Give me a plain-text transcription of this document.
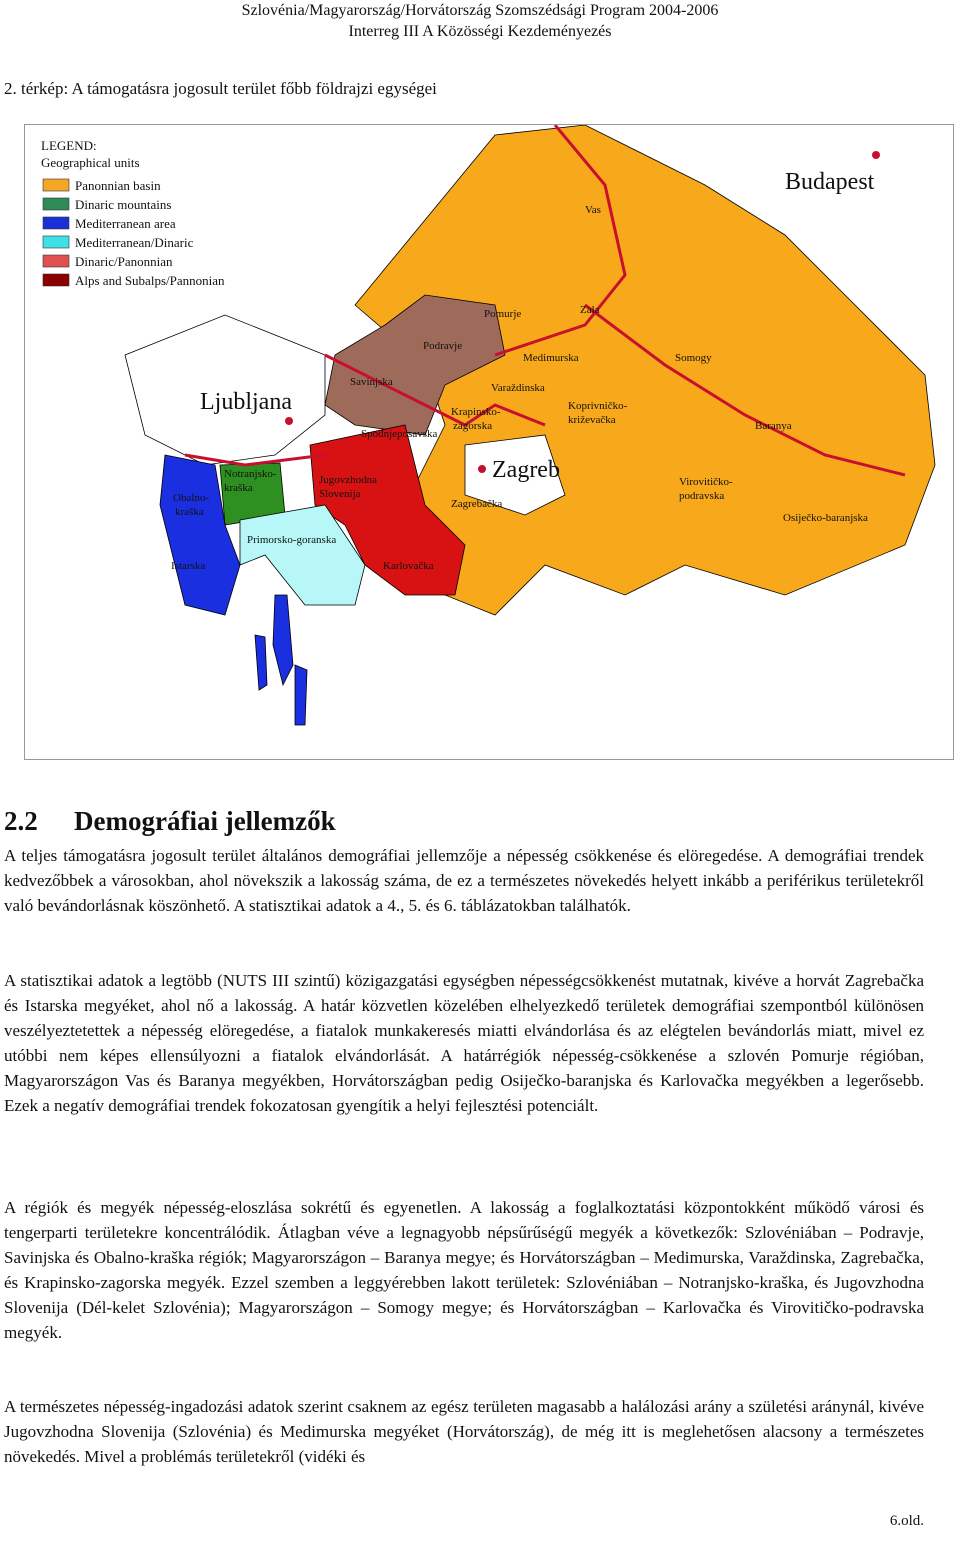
Szlovénia/Magyarország/Horvátország Szomszédsági Program 2004-2006
Interreg III A Közösségi Kezdeményezés
2. térkép: A támogatásra jogosult terület főbb földrajzi egységei
LEGEND:
Geographical units
Panonnian basin
Dinaric mountains
Mediterranean area
Mediterranean/Dinaric
Dinaric/Panonnian
Alps and Subalps/Pannonian
Budapest
Ljubljana
Zagreb
Vas
Zala
Pomurje
Somogy
Podravje
Medimurska
Varaždinska
Savinjska
Krapinsko-
zagorska
Koprivničko-
križevačka	Baranya
Spodnjeposavska
Notranjsko-
kraška
Jugovzhodna
Slovenija
Obalno-
kraška
Zagrebačka
Virovitičko-
podravska
Osiječko-baranjska
Primorsko-goranska
Istarska	Karlovačka
2.2 Demográfiai jellemzők

A teljes támogatásra jogosult terület általános demográfiai jellemzője a népesség csökkenése és elöregedése. A demográfiai trendek kedvezőbbek a városokban, ahol növekszik a lakosság száma, de ez a természetes növekedés helyett inkább a periférikus területekről való bevándorlásnak köszönhető. A statisztikai adatok a 4., 5. és 6. táblázatokban találhatók.

A statisztikai adatok a legtöbb (NUTS III szintű) közigazgatási egységben népességcsökkenést mutatnak, kivéve a horvát Zagrebačka és Istarska megyéket, ahol nő a lakosság. A határ közvetlen közelében elhelyezkedő területek demográfiai szempontból különösen veszélyeztetettek a népesség elöregedése, a fiatalok munkakeresés miatti elvándorlása és az elégtelen bevándorlás miatt, mivel ez utóbbi nem képes ellensúlyozni a fiatalok elvándorlását. A határrégiók népesség-csökkenése a szlovén Pomurje régióban, Magyarországon Vas és Baranya megyékben, Horvátországban pedig Osiječko-baranjska és Karlovačka megyékben a legerősebb. Ezek a negatív demográfiai trendek fokozatosan gyengítik a helyi fejlesztési potenciált.

A régiók és megyék népesség-eloszlása sokrétű és egyenetlen. A lakosság a foglalkoztatási központokként működő városi és tengerparti területekre koncentrálódik. Átlagban véve a legnagyobb népsűrűségű megyék a következők: Szlovéniában – Podravje, Savinjska és Obalno-kraška régiók; Magyarországon – Baranya megye; és Horvátországban – Medimurska, Varaždinska, Zagrebačka, és Krapinsko-zagorska megyék. Ezzel szemben a leggyérebben lakott területek: Szlovéniában – Notranjsko-kraška, és Jugovzhodna Slovenija (Dél-kelet Szlovénia); Magyarországon – Somogy megye; és Horvátországban – Karlovačka és Virovitičko-podravska megyék.

A természetes népesség-ingadozási adatok szerint csaknem az egész területen magasabb a halálozási arány a születési aránynál, kivéve Jugovzhodna Slovenija (Szlovénia) és Medimurska megyéket (Horvátország), de még itt is meglehetősen alacsony a természetes növekedés. Mivel a problémás területekről (vidéki és

6.old.
